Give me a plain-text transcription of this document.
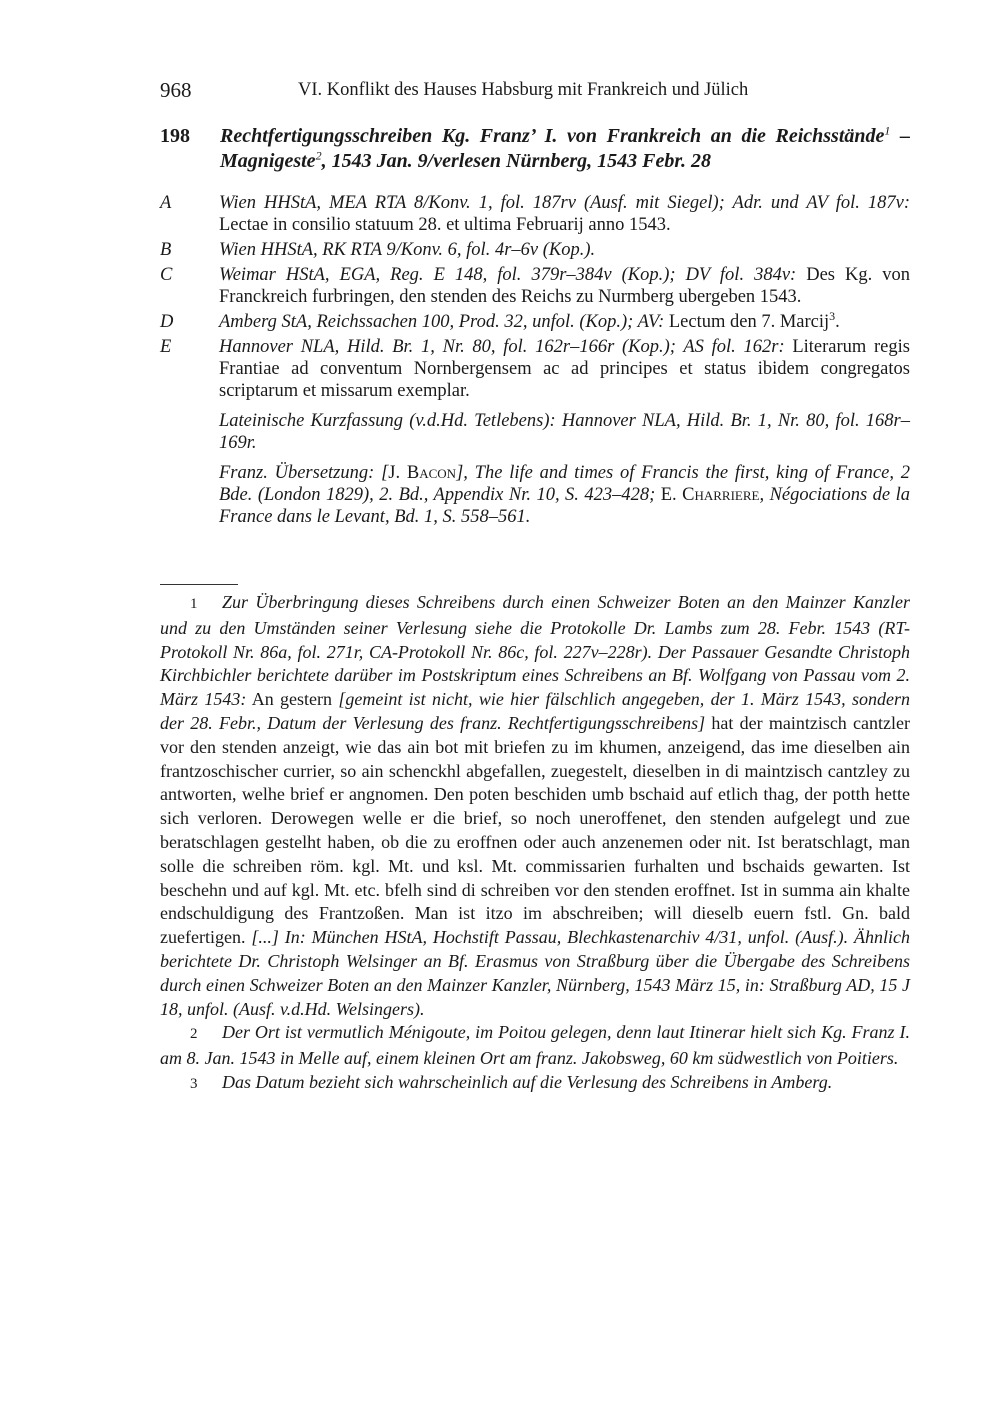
968	VI. Konflikt des Hauses Habsburg mit Frankreich und Jülich
198 Rechtfertigungsschreiben Kg. Franz’ I. von Frankreich an die Reichsstände$^1$ – Magnigeste$^2$, 1543 Jan. 9/verlesen Nürnberg, 1543 Febr. 28
A	Wien HHStA, MEA RTA 8/Konv. 1, fol. 187rv (Ausf. mit Siegel); Adr. und AV fol. 187v: Lectae in consilio statuum 28. et ultima Februarij anno 1543.
B	Wien HHStA, RK RTA 9/Konv. 6, fol. 4r–6v (Kop.).
C	Weimar HStA, EGA, Reg. E 148, fol. 379r–384v (Kop.); DV fol. 384v: Des Kg. von Franckreich furbringen, den stenden des Reichs zu Nurmberg ubergeben 1543.
D Amberg StA, Reichssachen 100, Prod. 32, unfol. (Kop.); AV: Lectum den 7. Marcij$^3$.
E	Hannover NLA, Hild. Br. 1, Nr. 80, fol. 162r–166r (Kop.); AS fol. 162r: Literarum regis Frantiae ad conventum Nornbergensem ac ad principes et status ibidem congregatos scriptarum et missarum exemplar.
Lateinische Kurzfassung (v.d.Hd. Tetlebens): Hannover NLA, Hild. Br. 1, Nr. 80, fol. 168r–169r.
Franz. Übersetzung: [J. Bacon], The life and times of Francis the first, king of France, 2 Bde. (London 1829), 2. Bd., Appendix Nr. 10, S. 423–428; E. Charriere, Négociations de la France dans le Levant, Bd. 1, S. 558–561.

1 Zur Überbringung dieses Schreibens durch einen Schweizer Boten an den Mainzer Kanzler und zu den Umständen seiner Verlesung siehe die Protokolle Dr. Lambs zum 28. Febr. 1543 (RT-Protokoll Nr. 86a, fol. 271r, CA-Protokoll Nr. 86c, fol. 227v–228r). Der Passauer Gesandte Christoph Kirchbichler berichtete darüber im Postskriptum eines Schreibens an Bf. Wolfgang von Passau vom 2. März 1543: An gestern [gemeint ist nicht, wie hier fälschlich angegeben, der 1. März 1543, sondern der 28. Febr., Datum der Verlesung des franz. Rechtfertigungsschreibens] hat der maintzisch cantzler vor den stenden anzeigt, wie das ain bot mit briefen zu im khumen, anzeigend, das ime dieselben ain frantzoschischer currier, so ain schenckhl abgefallen, zuegestelt, dieselben in di maintzisch cantzley zu antworten, welhe brief er angnomen. Den poten beschiden umb bschaid auf etlich thag, der potth hette sich verloren. Derowegen welle er die brief, so noch uneroffenet, den stenden aufgelegt und zue beratschlagen gestelht haben, ob die zu eroffnen oder auch anzenemen oder nit. Ist beratschlagt, man solle die schreiben röm. kgl. Mt. und ksl. Mt. commissarien furhalten und bschaids gewarten. Ist beschehn und auf kgl. Mt. etc. bfelh sind di schreiben vor den stenden eroffnet. Ist in summa ain khalte endschuldigung des Frantzoßen. Man ist itzo im abschreiben; will dieselb euern fstl. Gn. bald zuefertigen. [...] In: München HStA, Hochstift Passau, Blechkastenarchiv 4/31, unfol. (Ausf.). Ähnlich berichtete Dr. Christoph Welsinger an Bf. Erasmus von Straßburg über die Übergabe des Schreibens durch einen Schweizer Boten an den Mainzer Kanzler, Nürnberg, 1543 März 15, in: Straßburg AD, 15 J 18, unfol. (Ausf. v.d.Hd. Welsingers).

2 Der Ort ist vermutlich Ménigoute, im Poitou gelegen, denn laut Itinerar hielt sich Kg. Franz I. am 8. Jan. 1543 in Melle auf, einem kleinen Ort am franz. Jakobsweg, 60 km südwestlich von Poitiers.

3 Das Datum bezieht sich wahrscheinlich auf die Verlesung des Schreibens in Amberg.
